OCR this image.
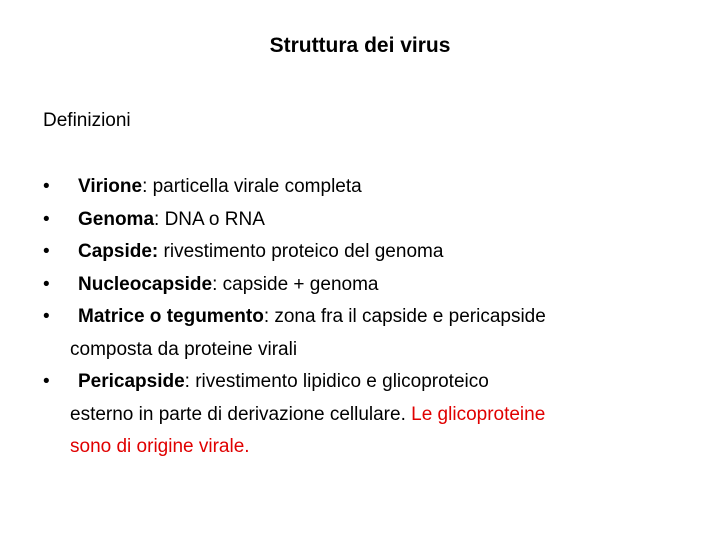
Struttura dei virus
Definizioni
• Virione: particella virale completa
• Genoma: DNA o RNA
• Capside: rivestimento proteico del genoma
• Nucleocapside: capside + genoma
• Matrice o tegumento: zona fra il capside e pericapside
composta da proteine virali
• Pericapside: rivestimento lipidico e glicoproteico
esterno in parte di derivazione cellulare. Le glicoproteine
sono di origine virale.
